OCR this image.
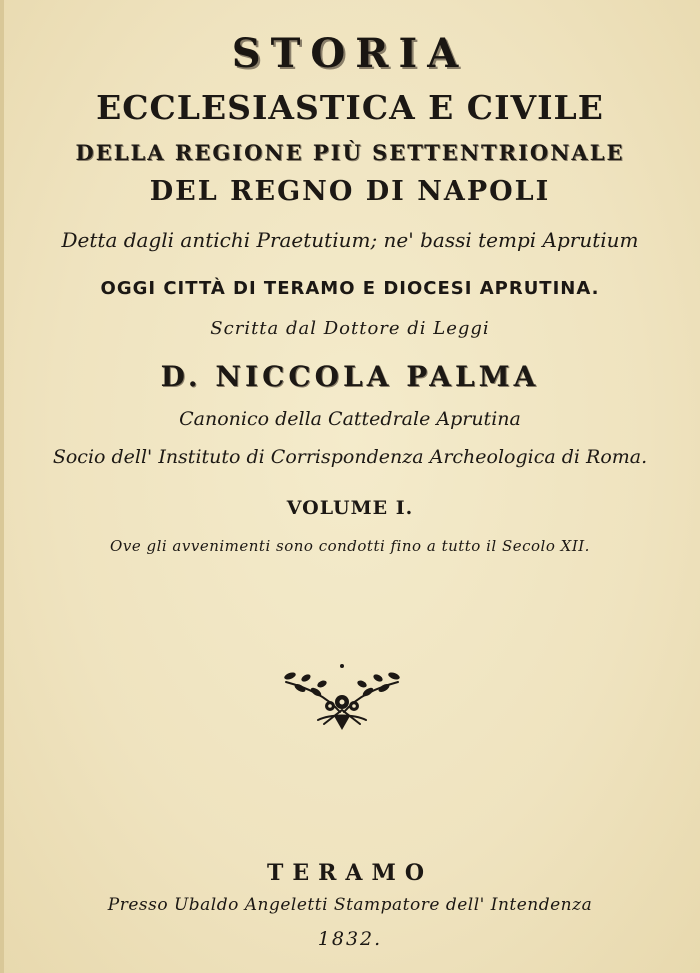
STORIA
ECCLESIASTICA E CIVILE
DELLA REGIONE PIÙ SETTENTRIONALE
DEL REGNO DI NAPOLI
Detta dagli antichi Praetutium; ne' bassi tempi Aprutium
OGGI CITTÀ DI TERAMO E DIOCESI APRUTINA.
Scritta dal Dottore di Leggi
D. NICCOLA PALMA
Canonico della Cattedrale Aprutina
Socio dell' Instituto di Corrispondenza Archeologica di Roma.
VOLUME I.
Ove gli avvenimenti sono condotti fino a tutto il Secolo XII.
TERAMO
Presso Ubaldo Angeletti Stampatore dell' Intendenza
1832.
